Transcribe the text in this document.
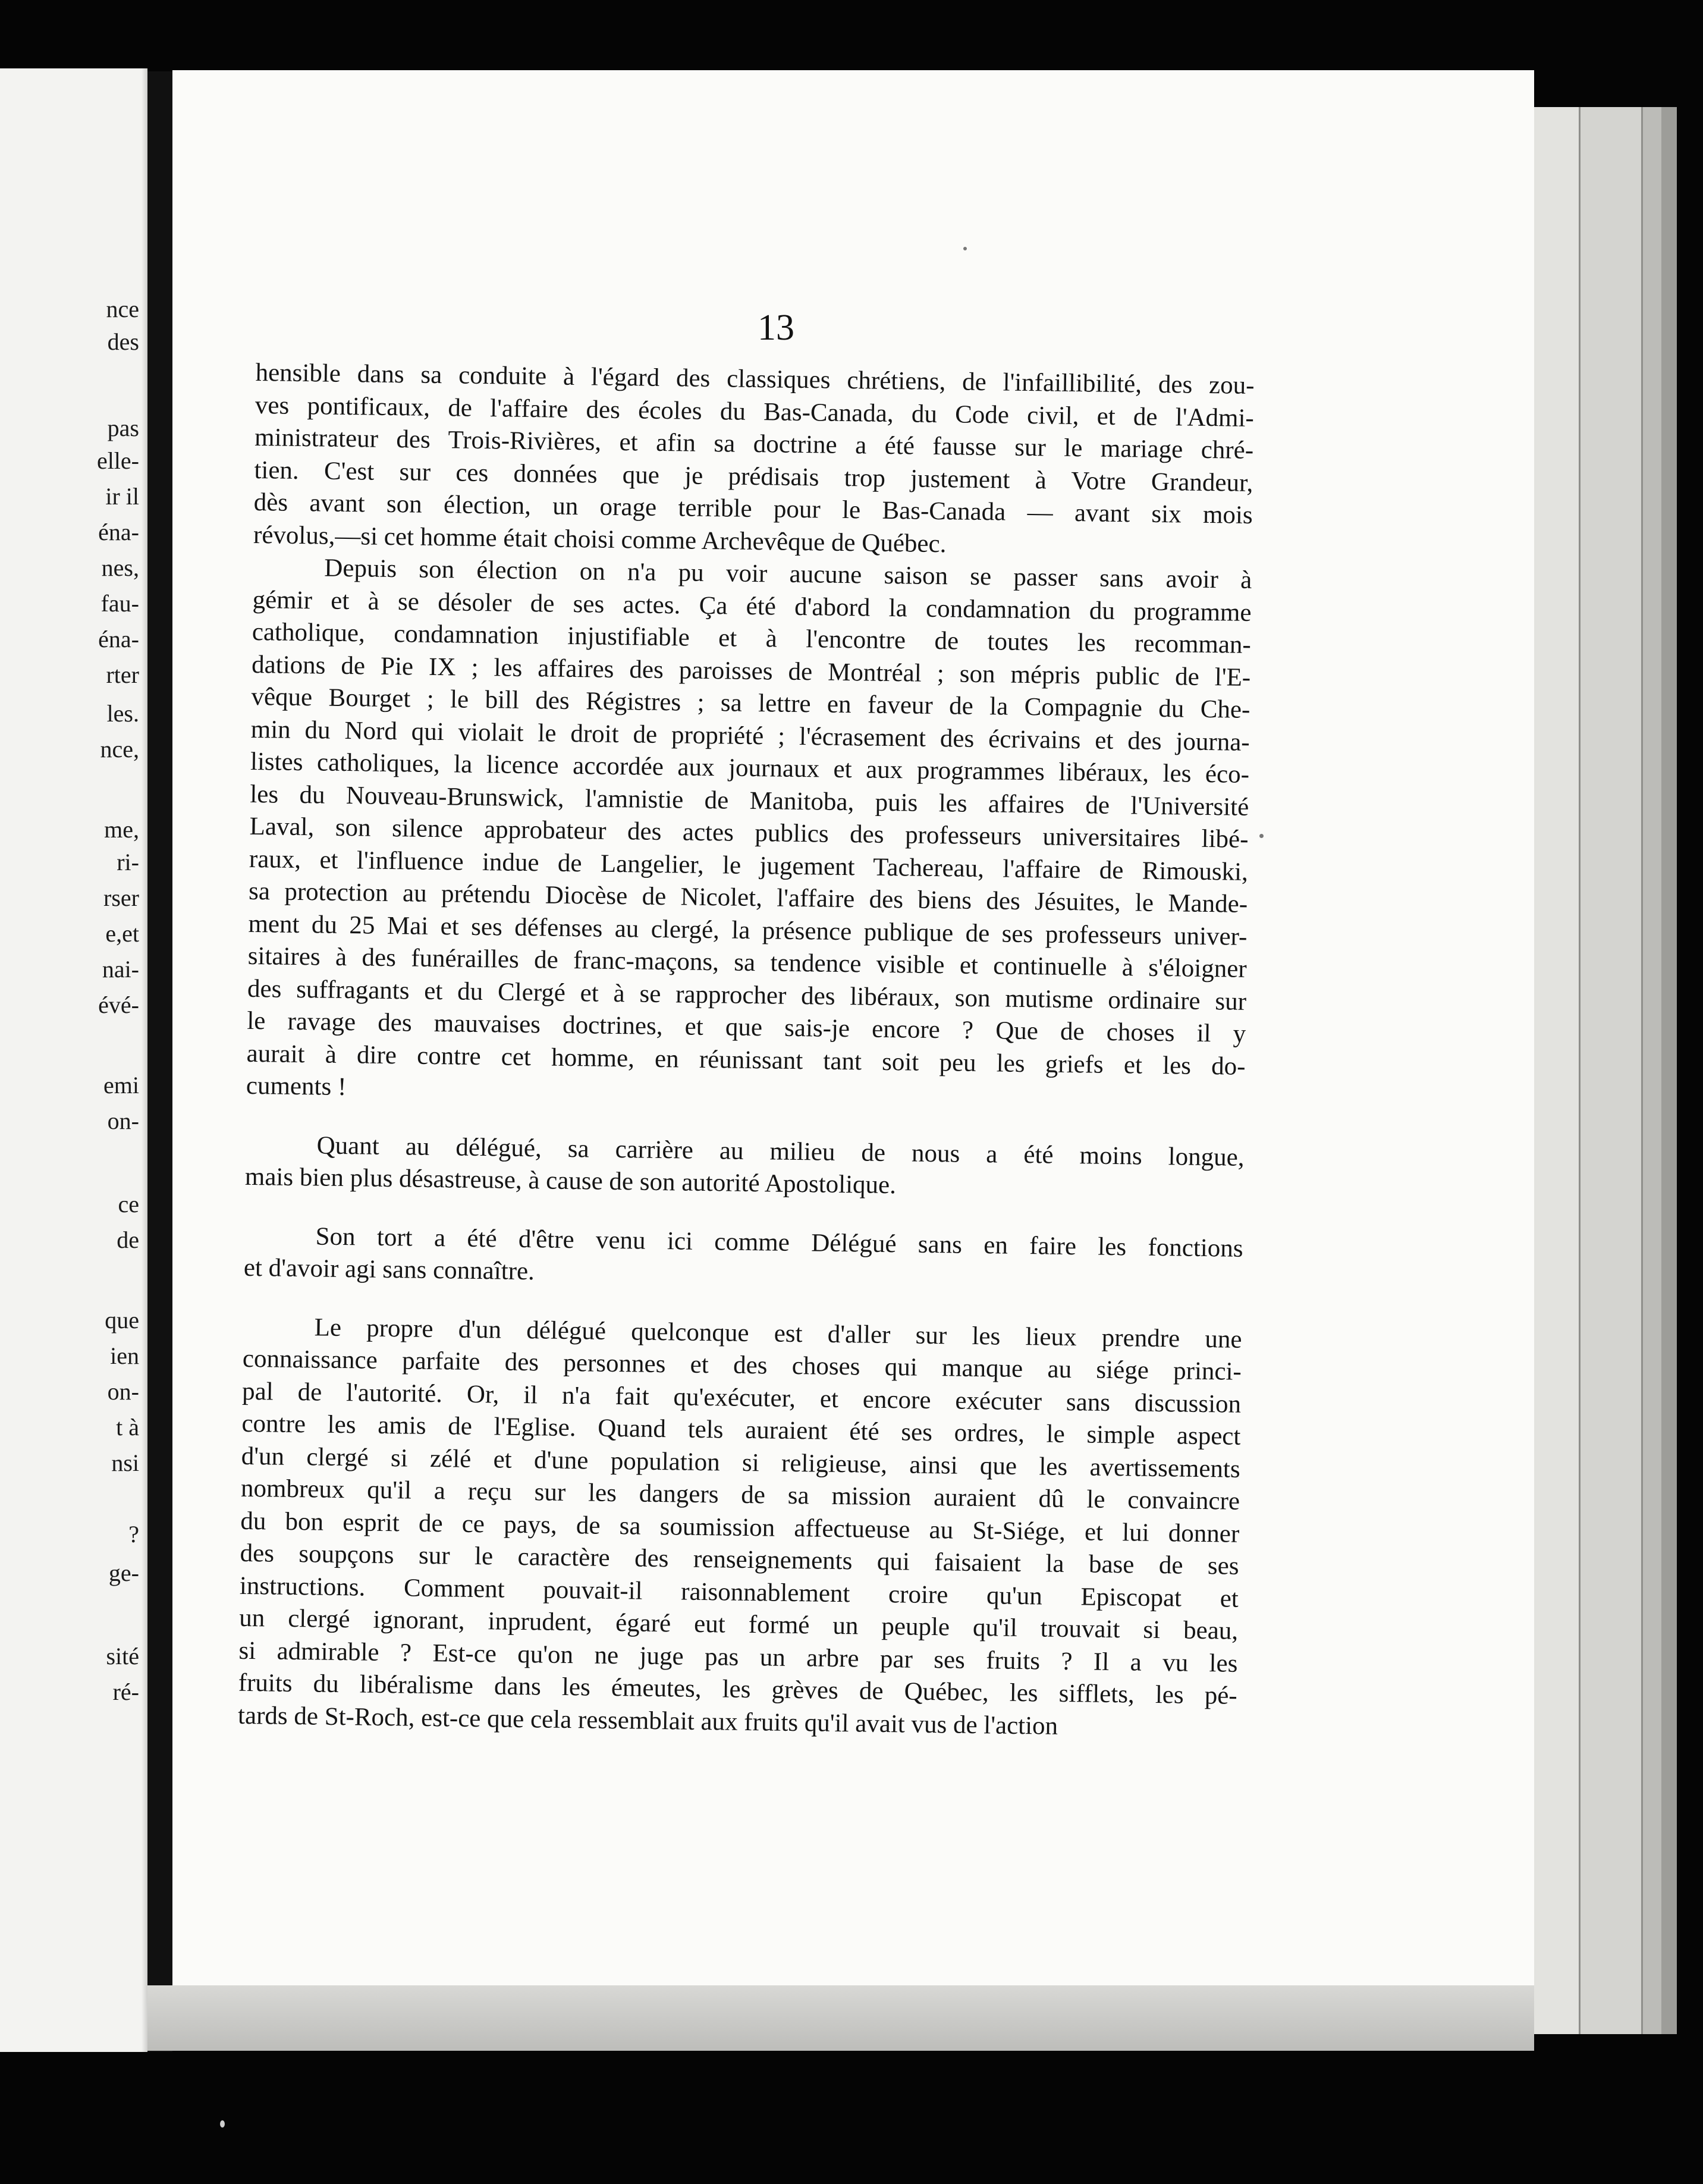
nce
des
pas
elle-
ir il
éna-
nes,
fau-
éna-
rter
les.
nce,
me,
ri-
rser
e,et
nai-
évé-
emi
on-
ce
de
que
ien
on-
t à
nsi
?
ge-
sité
ré-
13
hensible dans sa conduite à l'égard des classiques chrétiens, de l'infaillibilité, des zou-
ves pontificaux, de l'affaire des écoles du Bas-Canada, du Code civil, et de l'Admi-
ministrateur des Trois-Rivières, et afin sa doctrine a été fausse sur le mariage chré-
tien. C'est sur ces données que je prédisais trop justement à Votre Grandeur,
dès avant son élection, un orage terrible pour le Bas-Canada — avant six mois
révolus,—si cet homme était choisi comme Archevêque de Québec.
Depuis son élection on n'a pu voir aucune saison se passer sans avoir à
gémir et à se désoler de ses actes. Ça été d'abord la condamnation du programme
catholique, condamnation injustifiable et à l'encontre de toutes les recomman-
dations de Pie IX ; les affaires des paroisses de Montréal ; son mépris public de l'E-
vêque Bourget ; le bill des Régistres ; sa lettre en faveur de la Compagnie du Che-
min du Nord qui violait le droit de propriété ; l'écrasement des écrivains et des journa-
listes catholiques, la licence accordée aux journaux et aux programmes libéraux, les éco-
les du Nouveau-Brunswick, l'amnistie de Manitoba, puis les affaires de l'Université
Laval, son silence approbateur des actes publics des professeurs universitaires libé-
raux, et l'influence indue de Langelier, le jugement Tachereau, l'affaire de Rimouski,
sa protection au prétendu Diocèse de Nicolet, l'affaire des biens des Jésuites, le Mande-
ment du 25 Mai et ses défenses au clergé, la présence publique de ses professeurs univer-
sitaires à des funérailles de franc-maçons, sa tendence visible et continuelle à s'éloigner
des suffragants et du Clergé et à se rapprocher des libéraux, son mutisme ordinaire sur
le ravage des mauvaises doctrines, et que sais-je encore ? Que de choses il y
aurait à dire contre cet homme, en réunissant tant soit peu les griefs et les do-
cuments !
Quant au délégué, sa carrière au milieu de nous a été moins longue,
mais bien plus désastreuse, à cause de son autorité Apostolique.
Son tort a été d'être venu ici comme Délégué sans en faire les fonctions
et d'avoir agi sans connaître.
Le propre d'un délégué quelconque est d'aller sur les lieux prendre une
connaissance parfaite des personnes et des choses qui manque au siége princi-
pal de l'autorité. Or, il n'a fait qu'exécuter, et encore exécuter sans discussion
contre les amis de l'Eglise. Quand tels auraient été ses ordres, le simple aspect
d'un clergé si zélé et d'une population si religieuse, ainsi que les avertissements
nombreux qu'il a reçu sur les dangers de sa mission auraient dû le convaincre
du bon esprit de ce pays, de sa soumission affectueuse au St-Siége, et lui donner
des soupçons sur le caractère des renseignements qui faisaient la base de ses
instructions. Comment pouvait-il raisonnablement croire qu'un Episcopat et
un clergé ignorant, inprudent, égaré eut formé un peuple qu'il trouvait si beau,
si admirable ? Est-ce qu'on ne juge pas un arbre par ses fruits ? Il a vu les
fruits du libéralisme dans les émeutes, les grèves de Québec, les sifflets, les pé-
tards de St-Roch, est-ce que cela ressemblait aux fruits qu'il avait vus de l'action
